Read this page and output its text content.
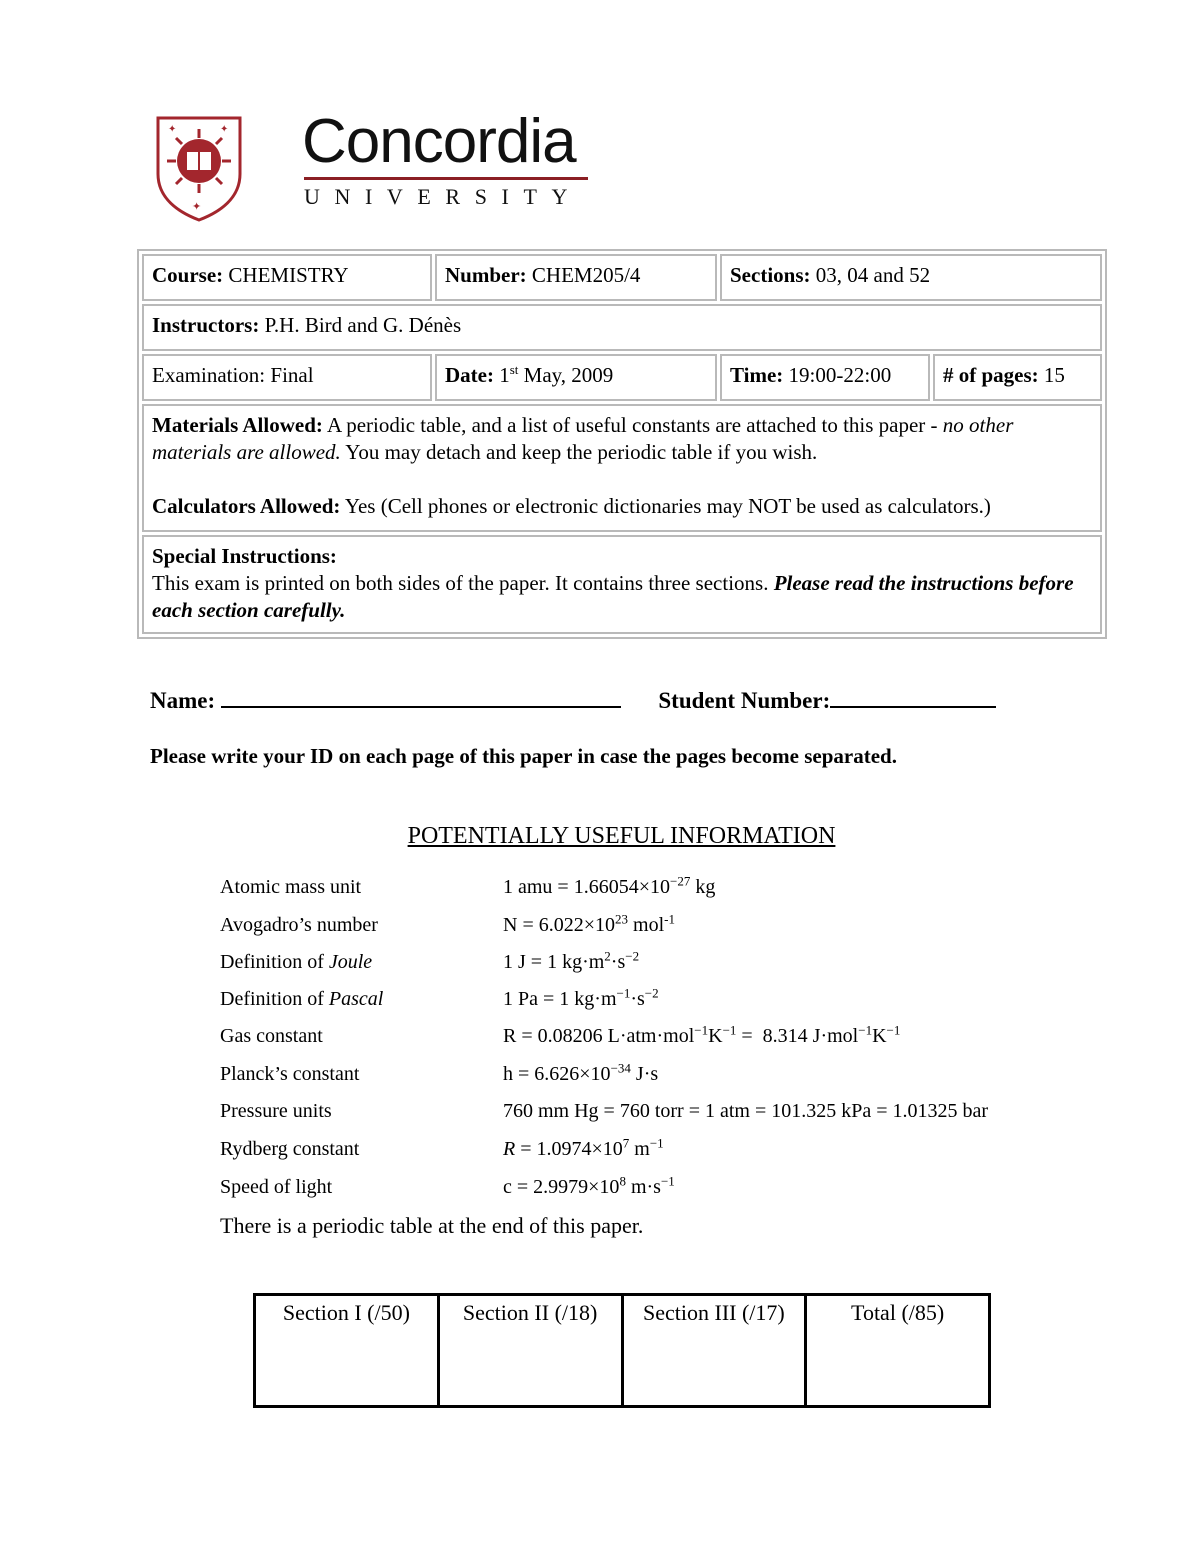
✦	✦
✦
Concordia
UNIVERSITY
Course: CHEMISTRY	Number: CHEM205/4	Sections: 03, 04 and 52	
Instructors: P.H. Bird and G. Dénès			
Examination: Final	Date: 1st May, 2009	Time: 19:00-22:00	# of pages: 15

Materials Allowed: A periodic table, and a list of useful constants are attached to this paper - no other materials are allowed. You may detach and keep the periodic table if you wish.
Calculators Allowed: Yes (Cell phones or electronic dictionaries may NOT be used as calculators.)			

Special Instructions:
This exam is printed on both sides of the paper. It contains three sections. Please read the instructions before each section carefully.			
Name:	Student Number:
Please write your ID on each page of this paper in case the pages become separated.
POTENTIALLY USEFUL INFORMATION
Atomic mass unit	1 amu = $1.66054\times 10^{-27}$ kg
Avogadro’s number	$N = 6.022\times 10^{23}$ mol$^{-1}$
Definition of Joule	1 J = 1 $kg\cdot m^2\cdot s^{-2}$
Definition of Pascal	1 Pa = 1 $kg\cdot m^{-1}\cdot s^{-2}$
Gas constant	R = 0.08206 $L\cdot atm\cdot mol^{-1}K^{-1} = 8.314$ $J\cdot mol^{-1}K^{-1}$
Planck’s constant	$h = 6.626\times 10^{-34}$ J·s
Pressure units	760 mm Hg = 760 torr = 1 atm = 101.325 kPa = 1.01325 bar
Rydberg constant	$R = 1.0974\times 10^7$ $m^{-1}$
Speed of light	$c = 2.9979\times 10^8$ $m\cdot s^{-1}$
There is a periodic table at the end of this paper.
Section I (/50)	Section II (/18)	Section III (/17)	Total (/85)
